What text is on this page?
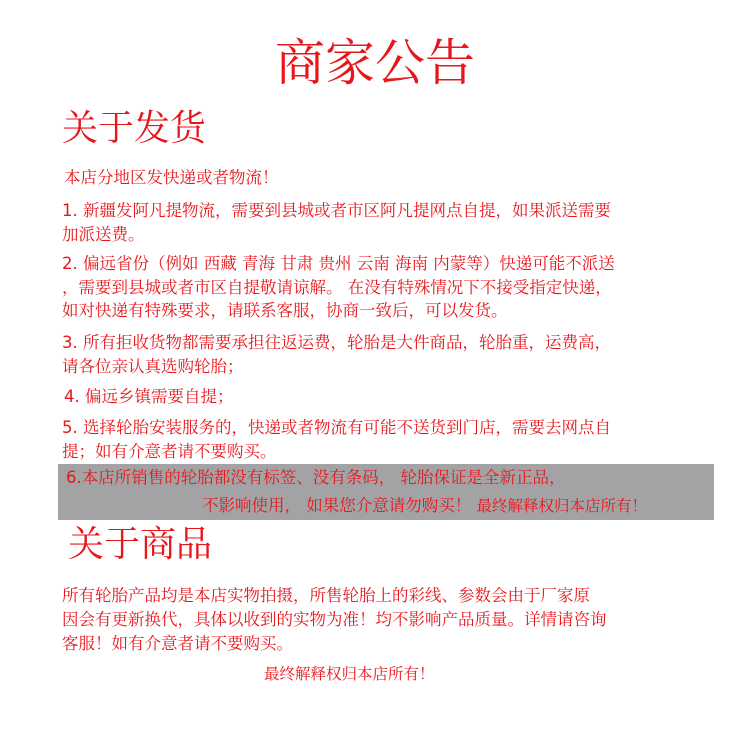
商家公告
关于发货
本店分地区发快递或者物流！
1. 新疆发阿凡提物流，需要到县城或者市区阿凡提网点自提，如果派送需要
加派送费。
2. 偏远省份（例如 西藏 青海 甘肃 贵州 云南 海南 内蒙等）快递可能不派送
，需要到县城或者市区自提敬请谅解。 在没有特殊情况下不接受指定快递，
如对快递有特殊要求，请联系客服，协商一致后，可以发货。
3. 所有拒收货物都需要承担往返运费，轮胎是大件商品，轮胎重，运费高，
请各位亲认真选购轮胎；
4. 偏远乡镇需要自提；
5. 选择轮胎安装服务的，快递或者物流有可能不送货到门店，需要去网点自
提；如有介意者请不要购买。
6.本店所销售的轮胎都没有标签、没有条码， 轮胎保证是全新正品，
不影响使用， 如果您介意请勿购买！ 最终解释权归本店所有！
关于商品
所有轮胎产品均是本店实物拍摄，所售轮胎上的彩线、参数会由于厂家原
因会有更新换代，具体以收到的实物为准！均不影响产品质量。详情请咨询
客服！如有介意者请不要购买。
最终解释权归本店所有！
